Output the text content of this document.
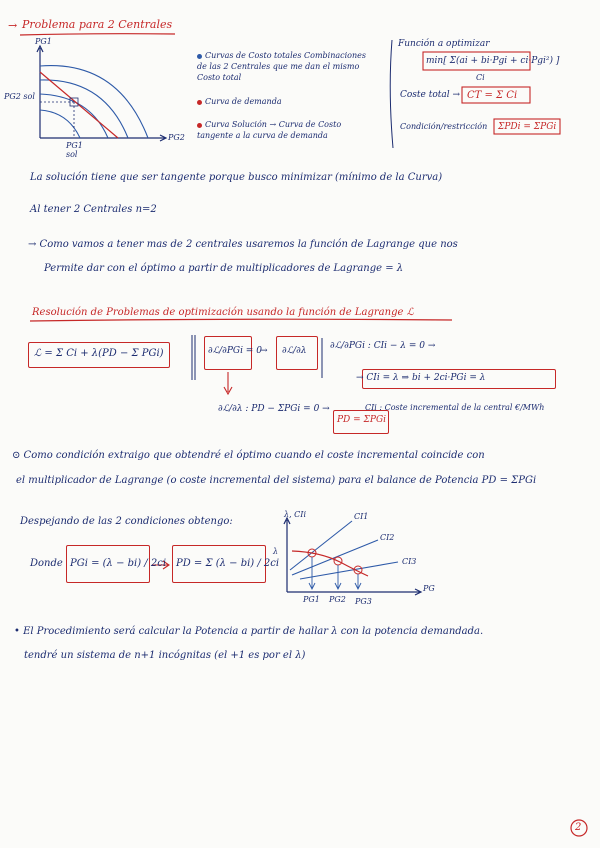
→ Problema para 2 Centrales
PG1
PG2
PG2 sol
PG1 sol
Curvas de Costo totales Combinaciones de las 2 Centrales que me dan el mismo Costo total
Curva de demanda
Curva Solución → Curva de Costo tangente a la curva de demanda
Función a optimizar
min[ Σ(ai + bi·Pgi + ci·Pgi²) ]
Ci
Coste total → CT = Σ Ci
Condición/restricción ΣPDi = ΣPGi
La solución tiene que ser tangente porque busco minimizar (mínimo de la Curva)
Al tener 2 Centrales n=2
→ Como vamos a tener mas de 2 centrales usaremos la función de Lagrange que nos
Permite dar con el óptimo a partir de multiplicadores de Lagrange = λ
Resolución de Problemas de optimización usando la función de Lagrange ℒ
ℒ = Σ Ci + λ(PD − Σ PGi)	∂ℒ/∂PGi = 0 ∂ℒ/∂λ
→	∂ℒ/∂PGi : CIi − λ = 0 →
→ CIi = λ ⇒ bi + 2ci·PGi = λ
∂ℒ/∂λ : PD − ΣPGi = 0 →
PD = ΣPGi
CIi : Coste incremental de la central €/MWh
⊙ Como condición extraigo que obtendré el óptimo cuando el coste incremental coincide con
el multiplicador de Lagrange (o coste incremental del sistema) para el balance de Potencia PD = ΣPGi
Despejando de las 2 condiciones obtengo:
Donde PGi = (λ − bi) / 2ci PD = Σ (λ − bi) / 2ci
λ, CIi
PG
λ
CI1
CI2
CI3
PG1 PG2 PG3
• El Procedimiento será calcular la Potencia a partir de hallar λ con la potencia demandada.
tendré un sistema de n+1 incógnitas (el +1 es por el λ)
2
